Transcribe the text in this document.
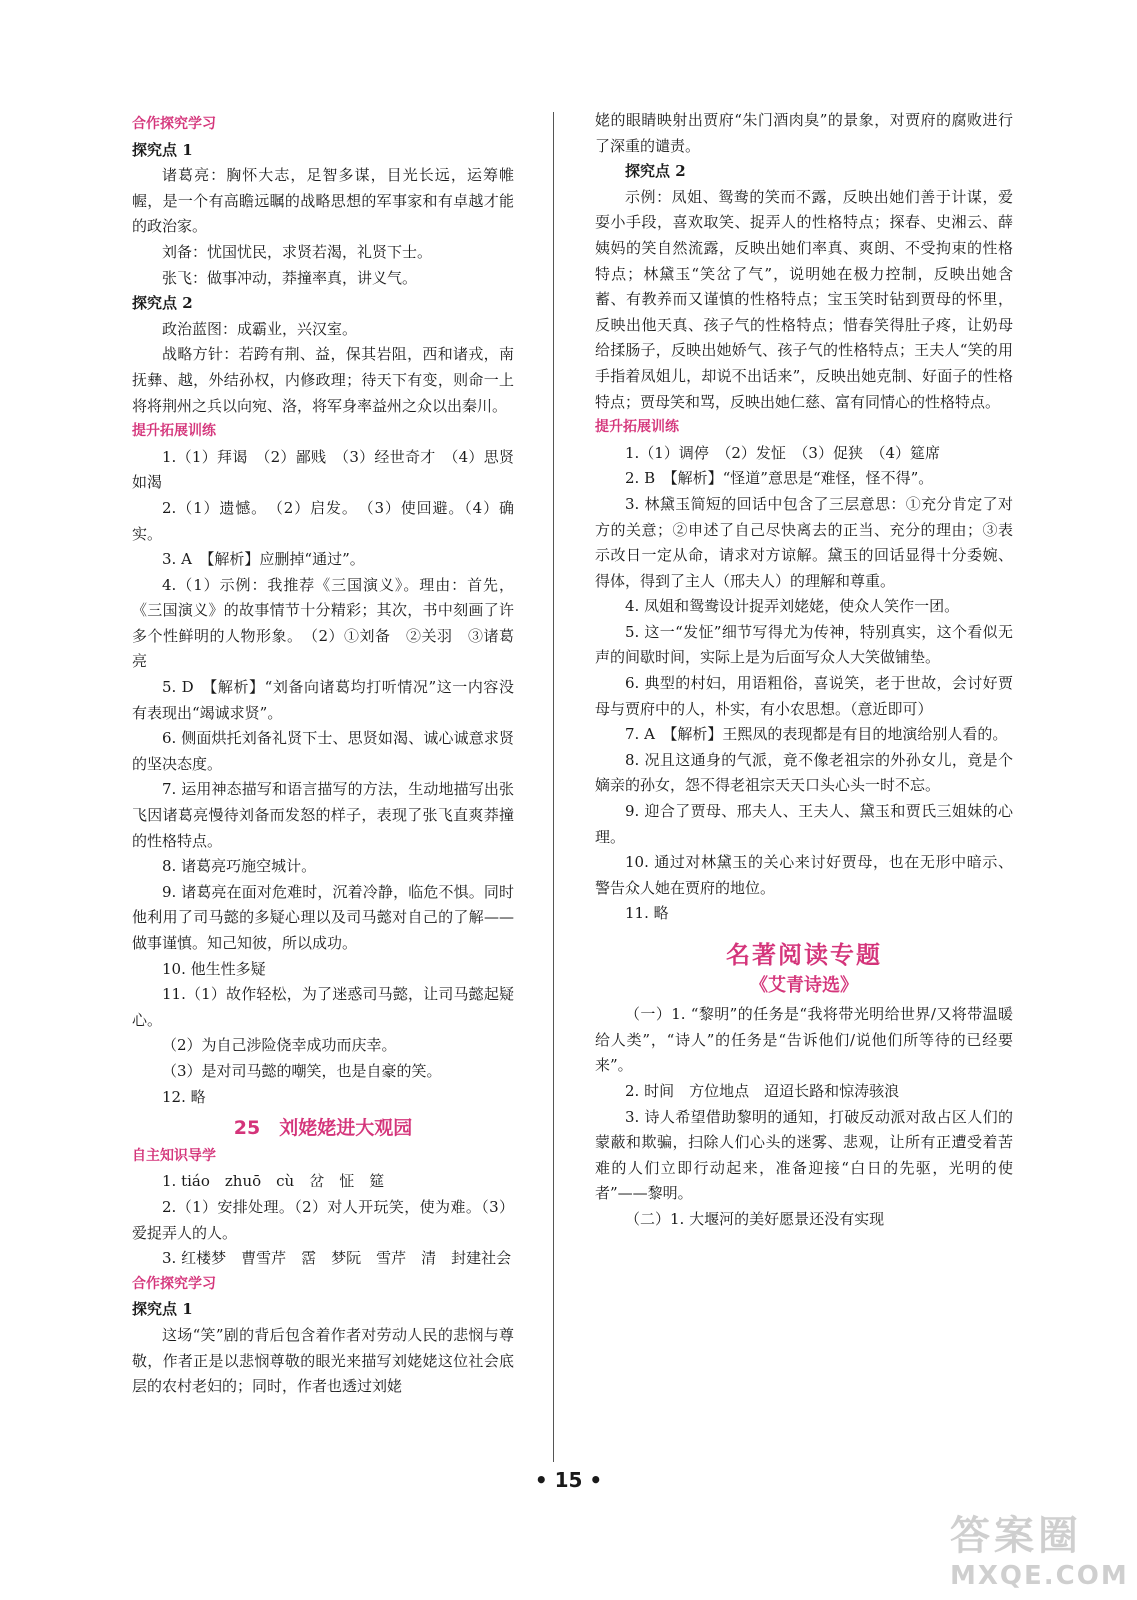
合作探究学习

探究点 1

诸葛亮：胸怀大志，足智多谋，目光长远，运筹帷幄，是一个有高瞻远瞩的战略思想的军事家和有卓越才能的政治家。

刘备：忧国忧民，求贤若渴，礼贤下士。

张飞：做事冲动，莽撞率真，讲义气。

探究点 2

政治蓝图：成霸业，兴汉室。

战略方针：若跨有荆、益，保其岩阻，西和诸戎，南抚彝、越，外结孙权，内修政理；待天下有变，则命一上将将荆州之兵以向宛、洛，将军身率益州之众以出秦川。

提升拓展训练

1.（1）拜谒　（2）鄙贱　（3）经世奇才　（4）思贤如渴

2.（1）遗憾。　（2）启发。　（3）使回避。（4）确实。

3. A　【解析】应删掉“通过”。

4.（1）示例：我推荐《三国演义》。理由：首先，《三国演义》的故事情节十分精彩；其次，书中刻画了许多个性鲜明的人物形象。　（2）①刘备　②关羽　③诸葛亮

5. D　【解析】“刘备向诸葛均打听情况”这一内容没有表现出“竭诚求贤”。

6. 侧面烘托刘备礼贤下士、思贤如渴、诚心诚意求贤的坚决态度。

7. 运用神态描写和语言描写的方法，生动地描写出张飞因诸葛亮慢待刘备而发怒的样子，表现了张飞直爽莽撞的性格特点。

8. 诸葛亮巧施空城计。

9. 诸葛亮在面对危难时，沉着冷静，临危不惧。同时他利用了司马懿的多疑心理以及司马懿对自己的了解——做事谨慎。知己知彼，所以成功。

10. 他生性多疑

11.（1）故作轻松，为了迷惑司马懿，让司马懿起疑心。

（2）为自己涉险侥幸成功而庆幸。

（3）是对司马懿的嘲笑，也是自豪的笑。

12. 略

25　刘姥姥进大观园

自主知识导学

1. tiáo　zhuō　cù　岔　怔　筵

2.（1）安排处理。（2）对人开玩笑，使为难。（3）爱捉弄人的人。

3. 红楼梦　曹雪芹　霑　梦阮　雪芹　清　封建社会

合作探究学习

探究点 1

这场“笑”剧的背后包含着作者对劳动人民的悲悯与尊敬，作者正是以悲悯尊敬的眼光来描写刘姥姥这位社会底层的农村老妇的；同时，作者也透过刘姥

姥的眼睛映射出贾府“朱门酒肉臭”的景象，对贾府的腐败进行了深重的谴责。

探究点 2

示例：凤姐、鸳鸯的笑而不露，反映出她们善于计谋，爱耍小手段，喜欢取笑、捉弄人的性格特点；探春、史湘云、薛姨妈的笑自然流露，反映出她们率真、爽朗、不受拘束的性格特点；林黛玉“笑岔了气”，说明她在极力控制，反映出她含蓄、有教养而又谨慎的性格特点；宝玉笑时钻到贾母的怀里，反映出他天真、孩子气的性格特点；惜春笑得肚子疼，让奶母给揉肠子，反映出她娇气、孩子气的性格特点；王夫人“笑的用手指着凤姐儿，却说不出话来”，反映出她克制、好面子的性格特点；贾母笑和骂，反映出她仁慈、富有同情心的性格特点。

提升拓展训练

1.（1）调停　（2）发怔　（3）促狭　（4）筵席

2. B　【解析】“怪道”意思是“难怪，怪不得”。

3. 林黛玉简短的回话中包含了三层意思：①充分肯定了对方的关意；②申述了自己尽快离去的正当、充分的理由；③表示改日一定从命，请求对方谅解。黛玉的回话显得十分委婉、得体，得到了主人（邢夫人）的理解和尊重。

4. 凤姐和鸳鸯设计捉弄刘姥姥，使众人笑作一团。

5. 这一“发怔”细节写得尤为传神，特别真实，这个看似无声的间歇时间，实际上是为后面写众人大笑做铺垫。

6. 典型的村妇，用语粗俗，喜说笑，老于世故，会讨好贾母与贾府中的人，朴实，有小农思想。（意近即可）

7. A　【解析】王熙凤的表现都是有目的地演给别人看的。

8. 况且这通身的气派，竟不像老祖宗的外孙女儿，竟是个嫡亲的孙女，怨不得老祖宗天天口头心头一时不忘。

9. 迎合了贾母、邢夫人、王夫人、黛玉和贾氏三姐妹的心理。

10. 通过对林黛玉的关心来讨好贾母，也在无形中暗示、警告众人她在贾府的地位。

11. 略

名著阅读专题

《艾青诗选》

（一）1. “黎明”的任务是“我将带光明给世界/又将带温暖给人类”，“诗人”的任务是“告诉他们/说他们所等待的已经要来”。

2. 时间　方位地点　迢迢长路和惊涛骇浪

3. 诗人希望借助黎明的通知，打破反动派对敌占区人们的蒙蔽和欺骗，扫除人们心头的迷雾、悲观，让所有正遭受着苦难的人们立即行动起来，准备迎接“白日的先驱，光明的使者”——黎明。

（二）1. 大堰河的美好愿景还没有实现

• 15 •
答案圈
MXQE.COM
